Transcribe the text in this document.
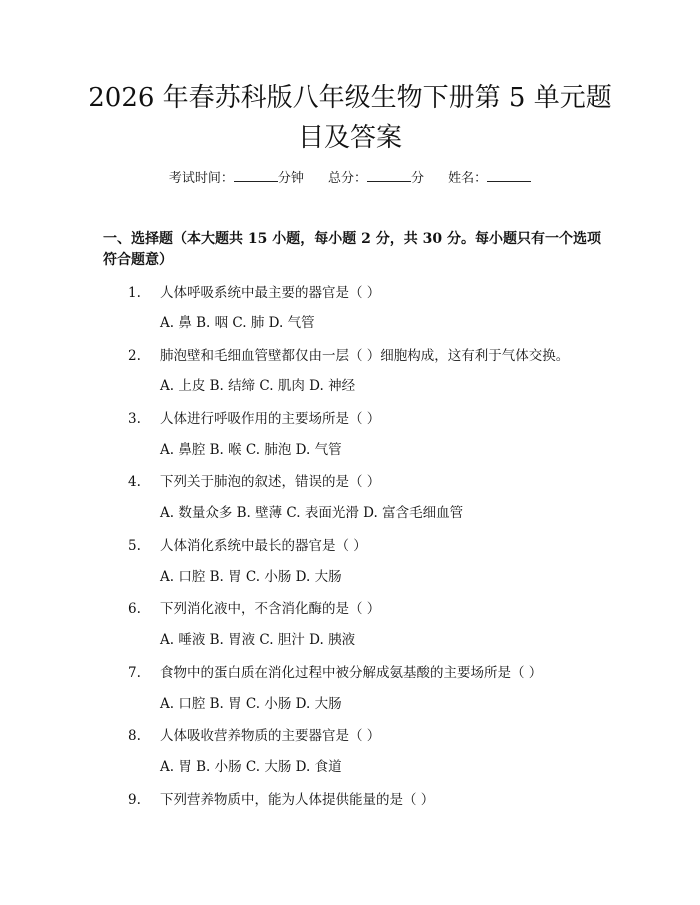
2026 年春苏科版八年级生物下册第 5 单元题
目及答案
考试时间：	分钟 总分：	分 姓名：
一、选择题（本大题共 15 小题，每小题 2 分，共 30 分。每小题只有一个选项符合题意）
1. 人体呼吸系统中最主要的器官是（ ）
A. 鼻 B. 咽 C. 肺 D. 气管
2. 肺泡壁和毛细血管壁都仅由一层（ ）细胞构成，这有利于气体交换。
A. 上皮 B. 结缔 C. 肌肉 D. 神经
3. 人体进行呼吸作用的主要场所是（ ）
A. 鼻腔 B. 喉 C. 肺泡 D. 气管
4. 下列关于肺泡的叙述，错误的是（ ）
A. 数量众多 B. 壁薄 C. 表面光滑 D. 富含毛细血管
5. 人体消化系统中最长的器官是（ ）
A. 口腔 B. 胃 C. 小肠 D. 大肠
6. 下列消化液中，不含消化酶的是（ ）
A. 唾液 B. 胃液 C. 胆汁 D. 胰液
7. 食物中的蛋白质在消化过程中被分解成氨基酸的主要场所是（ ）
A. 口腔 B. 胃 C. 小肠 D. 大肠
8. 人体吸收营养物质的主要器官是（ ）
A. 胃 B. 小肠 C. 大肠 D. 食道
9. 下列营养物质中，能为人体提供能量的是（ ）
